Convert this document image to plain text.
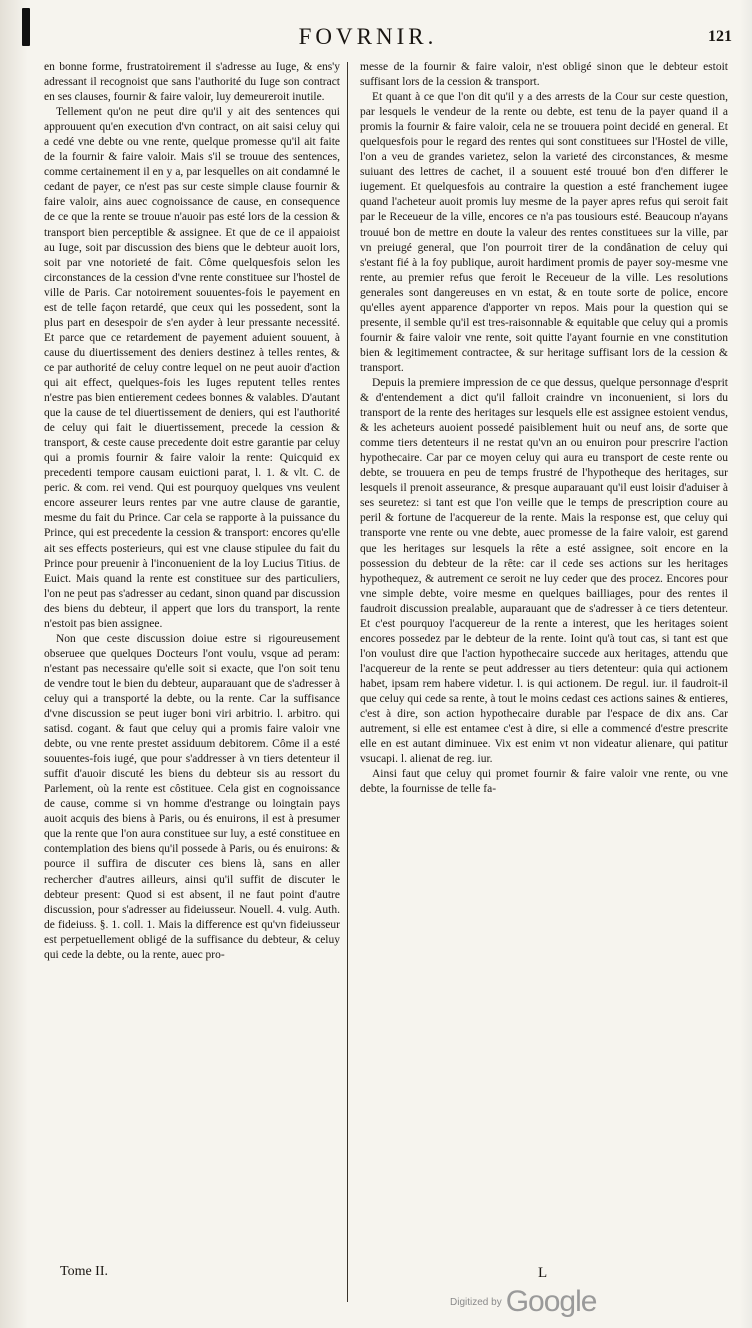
FOVRNIR.	121

en bonne forme, frustratoirement il s'adresse au Iuge, & ens'y adressant il recognoist que sans l'authorité du Iuge son contract en ses clauses, fournir & faire valoir, luy demeureroit inutile.

Tellement qu'on ne peut dire qu'il y ait des sentences qui approuuent qu'en execution d'vn contract, on ait saisi celuy qui a cedé vne debte ou vne rente, quelque promesse qu'il ait faite de la fournir & faire valoir. Mais s'il se trouue des sentences, comme certainement il en y a, par lesquelles on ait condamné le cedant de payer, ce n'est pas sur ceste simple clause fournir & faire valoir, ains auec cognoissance de cause, en consequence de ce que la rente se trouue n'auoir pas esté lors de la cession & transport bien perceptible & assignee. Et que de ce il appaioist au Iuge, soit par discussion des biens que le debteur auoit lors, soit par vne notorieté de fait. Côme quelquesfois selon les circonstances de la cession d'vne rente constituee sur l'hostel de ville de Paris. Car notoirement souuentes-fois le payement en est de telle façon retardé, que ceux qui les possedent, sont la plus part en desespoir de s'en ayder à leur pressante necessité. Et parce que ce retardement de payement aduient souuent, à cause du diuertissement des deniers destinez à telles rentes, & ce par authorité de celuy contre lequel on ne peut auoir d'action qui ait effect, quelques-fois les Iuges reputent telles rentes n'estre pas bien entierement cedees bonnes & valables. D'autant que la cause de tel diuertissement de deniers, qui est l'authorité de celuy qui fait le diuertissement, precede la cession & transport, & ceste cause precedente doit estre garantie par celuy qui a promis fournir & faire valoir la rente: Quicquid ex precedenti tempore causam euictioni parat, l. 1. & vlt. C. de peric. & com. rei vend. Qui est pourquoy quelques vns veulent encore asseurer leurs rentes par vne autre clause de garantie, mesme du fait du Prince. Car cela se rapporte à la puissance du Prince, qui est precedente la cession & transport: encores qu'elle ait ses effects posterieurs, qui est vne clause stipulee du fait du Prince pour preuenir à l'inconuenient de la loy Lucius Titius. de Euict. Mais quand la rente est constituee sur des particuliers, l'on ne peut pas s'adresser au cedant, sinon quand par discussion des biens du debteur, il appert que lors du transport, la rente n'estoit pas bien assignee.

Non que ceste discussion doiue estre si rigoureusement obseruee que quelques Docteurs l'ont voulu, vsque ad peram: n'estant pas necessaire qu'elle soit si exacte, que l'on soit tenu de vendre tout le bien du debteur, auparauant que de s'adresser à celuy qui a transporté la debte, ou la rente. Car la suffisance d'vne discussion se peut iuger boni viri arbitrio. l. arbitro. qui satisd. cogant. & faut que celuy qui a promis faire valoir vne debte, ou vne rente prestet assiduum debitorem. Côme il a esté souuentes-fois iugé, que pour s'addresser à vn tiers detenteur il suffit d'auoir discuté les biens du debteur sis au ressort du Parlement, où la rente est côstituee. Cela gist en cognoissance de cause, comme si vn homme d'estrange ou loingtain pays auoit acquis des biens à Paris, ou és enuirons, il est à presumer que la rente que l'on aura constituee sur luy, a esté constituee en contemplation des biens qu'il possede à Paris, ou és enuirons: & pource il suffira de discuter ces biens là, sans en aller rechercher d'autres ailleurs, ainsi qu'il suffit de discuter le debteur present: Quod si est absent, il ne faut point d'autre discussion, pour s'adresser au fideiusseur. Nouell. 4. vulg. Auth. de fideiuss. §. 1. coll. 1. Mais la difference est qu'vn fideiusseur est perpetuellement obligé de la suffisance du debteur, & celuy qui cede la debte, ou la rente, auec pro-

messe de la fournir & faire valoir, n'est obligé sinon que le debteur estoit suffisant lors de la cession & transport.

Et quant à ce que l'on dit qu'il y a des arrests de la Cour sur ceste question, par lesquels le vendeur de la rente ou debte, est tenu de la payer quand il a promis la fournir & faire valoir, cela ne se trouuera point decidé en general. Et quelquesfois pour le regard des rentes qui sont constituees sur l'Hostel de ville, l'on a veu de grandes varietez, selon la varieté des circonstances, & mesme suiuant des lettres de cachet, il a souuent esté trouué bon d'en differer le iugement. Et quelquesfois au contraire la question a esté franchement iugee quand l'acheteur auoit promis luy mesme de la payer apres refus qui seroit fait par le Receueur de la ville, encores ce n'a pas tousiours esté. Beaucoup n'ayans trouué bon de mettre en doute la valeur des rentes constituees sur la ville, par vn preiugé general, que l'on pourroit tirer de la condânation de celuy qui s'estant fié à la foy publique, auroit hardiment promis de payer soy-mesme vne rente, au premier refus que feroit le Receueur de la ville. Les resolutions generales sont dangereuses en vn estat, & en toute sorte de police, encore qu'elles ayent apparence d'apporter vn repos. Mais pour la question qui se presente, il semble qu'il est tres-raisonnable & equitable que celuy qui a promis fournir & faire valoir vne rente, soit quitte l'ayant fournie en vne constitution bien & legitimement contractee, & sur heritage suffisant lors de la cession & transport.

Depuis la premiere impression de ce que dessus, quelque personnage d'esprit & d'entendement a dict qu'il falloit craindre vn inconuenient, si lors du transport de la rente des heritages sur lesquels elle est assignee estoient vendus, & les acheteurs auoient possedé paisiblement huit ou neuf ans, de sorte que comme tiers detenteurs il ne restat qu'vn an ou enuiron pour prescrire l'action hypothecaire. Car par ce moyen celuy qui aura eu transport de ceste rente ou debte, se trouuera en peu de temps frustré de l'hypotheque des heritages, sur lesquels il prenoit asseurance, & presque auparauant qu'il eust loisir d'aduiser à ses seuretez: si tant est que l'on veille que le temps de prescription coure au peril & fortune de l'acquereur de la rente. Mais la response est, que celuy qui transporte vne rente ou vne debte, auec promesse de la faire valoir, est garend que les heritages sur lesquels la rête a esté assignee, soit encore en la possession du debteur de la rête: car il cede ses actions sur les heritages hypothequez, & autrement ce seroit ne luy ceder que des procez. Encores pour vne simple debte, voire mesme en quelques bailliages, pour des rentes il faudroit discussion prealable, auparauant que de s'adresser à ce tiers detenteur. Et c'est pourquoy l'acquereur de la rente a interest, que les heritages soient encores possedez par le debteur de la rente. Ioint qu'à tout cas, si tant est que l'on voulust dire que l'action hypothecaire succede aux heritages, attendu que l'acquereur de la rente se peut addresser au tiers detenteur: quia qui actionem habet, ipsam rem habere videtur. l. is qui actionem. De regul. iur. il faudroit-il que celuy qui cede sa rente, à tout le moins cedast ces actions saines & entieres, c'est à dire, son action hypothecaire durable par l'espace de dix ans. Car autrement, si elle est entamee c'est à dire, si elle a commencé d'estre prescrite elle en est autant diminuee. Vix est enim vt non videatur alienare, qui patitur vsucapi. l. alienat de reg. iur.

Ainsi faut que celuy qui promet fournir & faire valoir vne rente, ou vne debte, la fournisse de telle fa-

Tome II.	L
Digitized by Google
